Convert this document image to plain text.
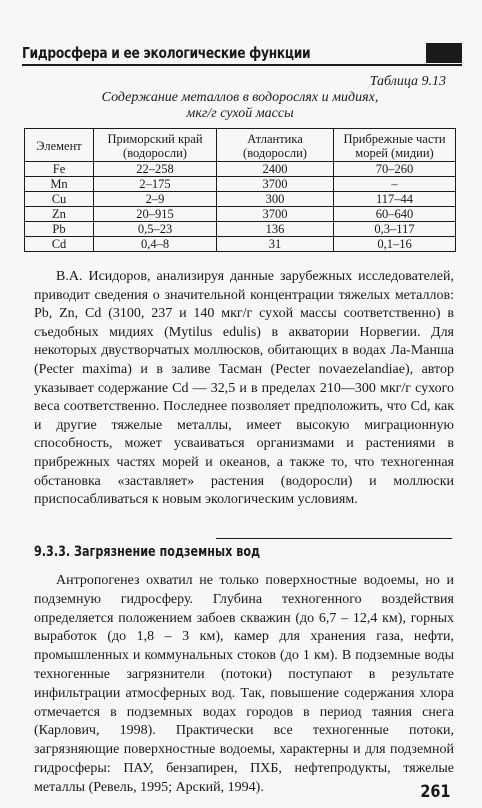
Гидросфера и ее экологические функции
Таблица 9.13
Содержание металлов в водорослях и мидиях,
мкг/г сухой массы
Элемент	Приморский край (водоросли)	Атлантика (водоросли)	Прибрежные части морей (мидии)
Fe	22–258	2400	70–260
Mn	2–175	3700	–
Cu	2–9	300	117–44
Zn	20–915	3700	60–640
Pb	0,5–23	136	0,3–117
Cd	0,4–8	31	0,1–16

В.А. Исидоров, анализируя данные зарубежных исследователей, приводит сведения о значительной концентрации тяжелых металлов: Pb, Zn, Cd (3100, 237 и 140 мкг/г сухой массы соответственно) в съедобных мидиях (Mytilus edulis) в акватории Норвегии. Для некоторых двустворчатых моллюсков, обитающих в водах Ла-Манша (Pecter maxima) и в заливе Тасман (Pecter novaezelandiae), автор указывает содержание Cd — 32,5 и в пределах 210—300 мкг/г сухого веса соответственно. Последнее позволяет предположить, что Cd, как и другие тяжелые металлы, имеет высокую миграционную способность, может усваиваться организмами и растениями в прибрежных частях морей и океанов, а также то, что техногенная обстановка «заставляет» растения (водоросли) и моллюски приспосабливаться к новым экологическим условиям.

9.3.3. Загрязнение подземных вод

Антропогенез охватил не только поверхностные водоемы, но и подземную гидросферу. Глубина техногенного воздействия определяется положением забоев скважин (до 6,7 – 12,4 км), горных выработок (до 1,8 – 3 км), камер для хранения газа, нефти, промышленных и коммунальных стоков (до 1 км). В подземные воды техногенные загрязнители (потоки) поступают в результате инфильтрации атмосферных вод. Так, повышение содержания хлора отмечается в подземных водах городов в период таяния снега (Карлович, 1998). Практически все техногенные потоки, загрязняющие поверхностные водоемы, характерны и для подземной гидросферы: ПАУ, бензапирен, ПХБ, нефтепродукты, тяжелые металлы (Ревель, 1995; Арский, 1994).	261
